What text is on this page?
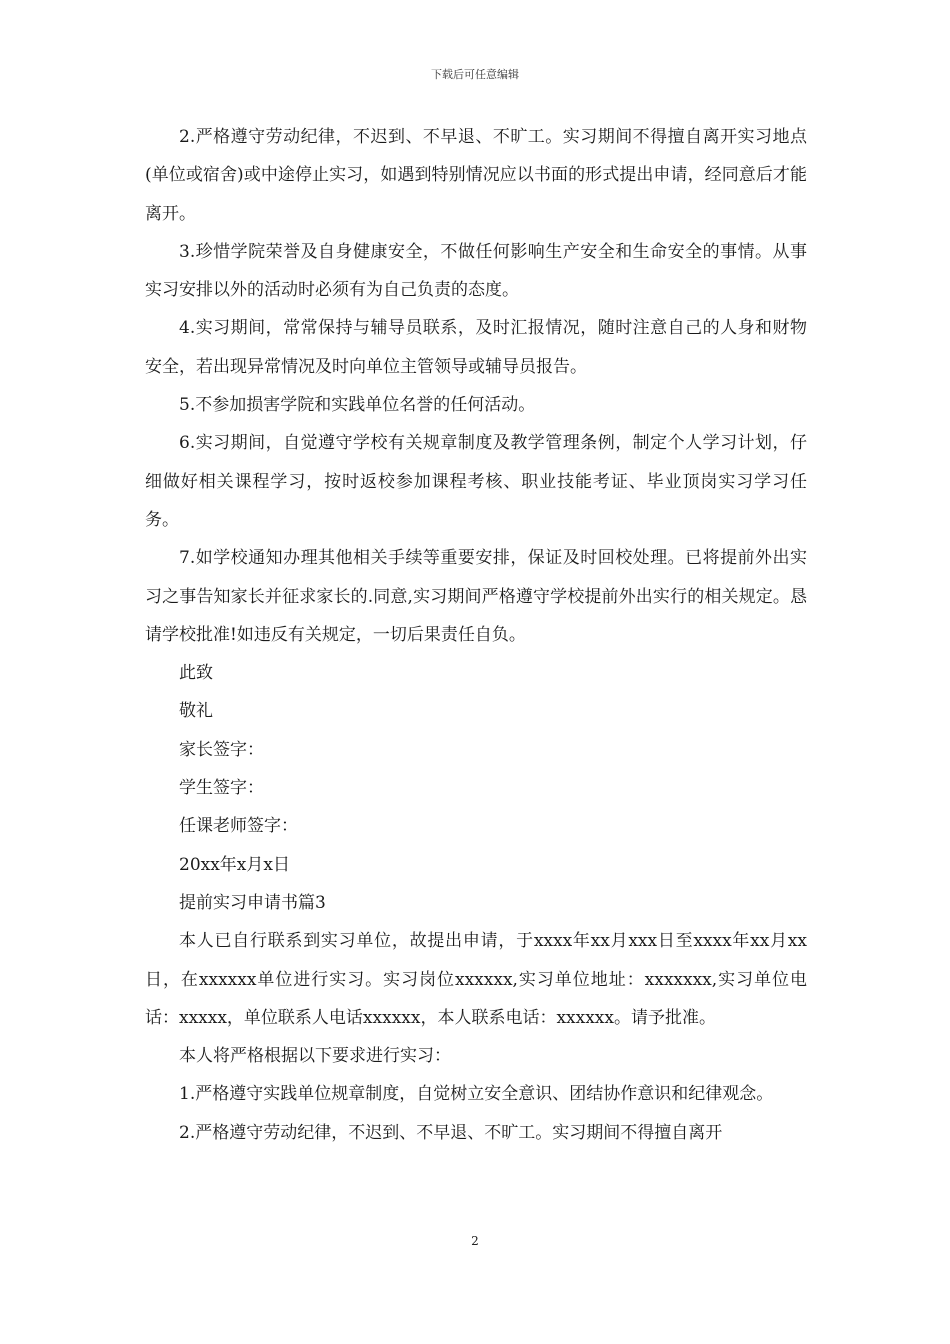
下载后可任意编辑

2.严格遵守劳动纪律，不迟到、不早退、不旷工。实习期间不得擅自离开实习地点(单位或宿舍)或中途停止实习，如遇到特别情况应以书面的形式提出申请，经同意后才能离开。

3.珍惜学院荣誉及自身健康安全，不做任何影响生产安全和生命安全的事情。从事实习安排以外的活动时必须有为自己负责的态度。

4.实习期间，常常保持与辅导员联系，及时汇报情况，随时注意自己的人身和财物安全，若出现异常情况及时向单位主管领导或辅导员报告。

5.不参加损害学院和实践单位名誉的任何活动。

6.实习期间，自觉遵守学校有关规章制度及教学管理条例，制定个人学习计划，仔细做好相关课程学习，按时返校参加课程考核、职业技能考证、毕业顶岗实习学习任务。

7.如学校通知办理其他相关手续等重要安排，保证及时回校处理。已将提前外出实习之事告知家长并征求家长的.同意,实习期间严格遵守学校提前外出实行的相关规定。恳请学校批准!如违反有关规定，一切后果责任自负。

此致

敬礼

家长签字：

学生签字：

任课老师签字：

20xx年x月x日

提前实习申请书篇3

本人已自行联系到实习单位，故提出申请，于xxxx年xx月xxx日至xxxx年xx月xx日，在xxxxxx单位进行实习。实习岗位xxxxxx,实习单位地址：xxxxxxx,实习单位电话：xxxxx，单位联系人电话xxxxxx，本人联系电话：xxxxxx。请予批准。

本人将严格根据以下要求进行实习：

1.严格遵守实践单位规章制度，自觉树立安全意识、团结协作意识和纪律观念。

2.严格遵守劳动纪律，不迟到、不早退、不旷工。实习期间不得擅自离开

2
